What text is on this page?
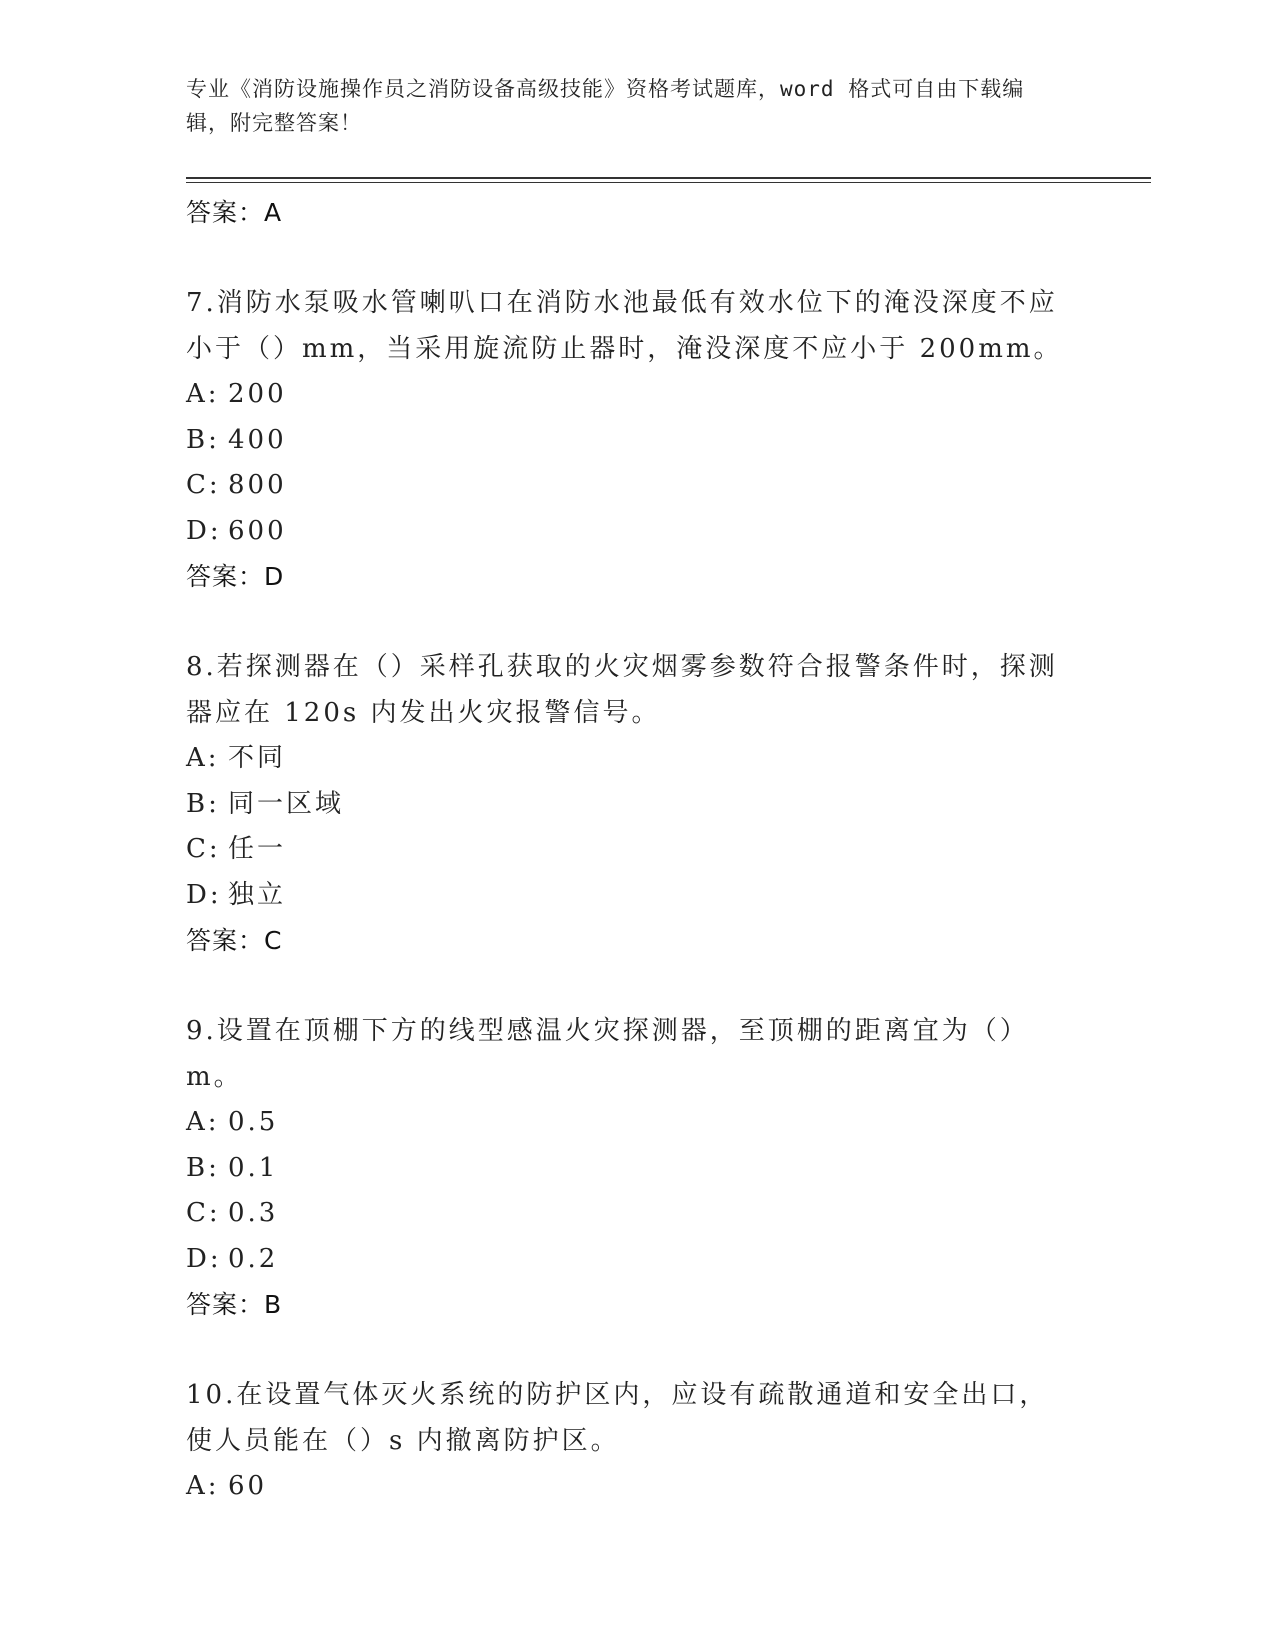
专业《消防设施操作员之消防设备高级技能》资格考试题库，word 格式可自由下载编辑，附完整答案！
答案：A

7.消防水泵吸水管喇叭口在消防水池最低有效水位下的淹没深度不应小于（）mm，当采用旋流防止器时，淹没深度不应小于 200mm。

A: 200
B: 400
C: 800
D: 600
答案：D

8.若探测器在（）采样孔获取的火灾烟雾参数符合报警条件时，探测器应在 120s 内发出火灾报警信号。

A: 不同
B: 同一区域
C: 任一
D: 独立
答案：C

9.设置在顶棚下方的线型感温火灾探测器，至顶棚的距离宜为（）m。

A: 0.5
B: 0.1
C: 0.3
D: 0.2
答案：B

10.在设置气体灭火系统的防护区内，应设有疏散通道和安全出口，使人员能在（）s 内撤离防护区。

A: 60
